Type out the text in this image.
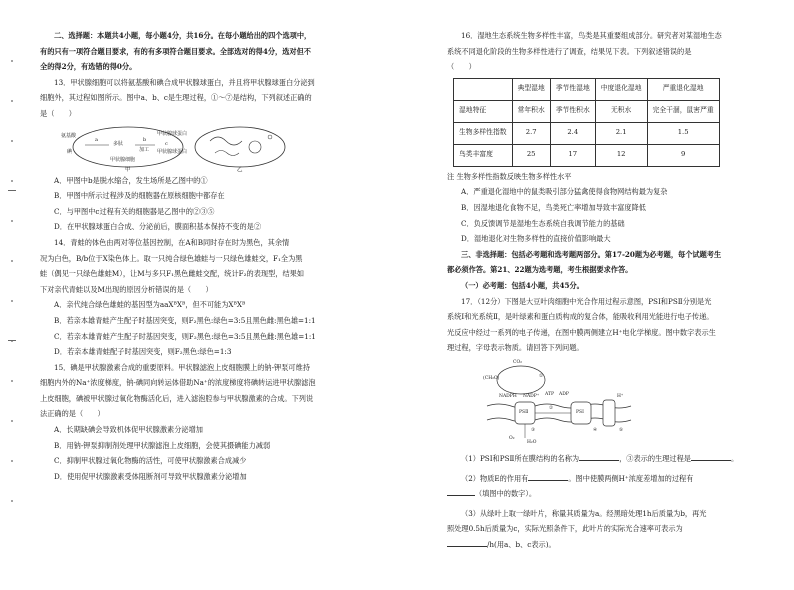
二、选择题：本题共4小题，每小题4分，共16分。在每小题给出的四个选项中，

有的只有一项符合题目要求，有的有多项符合题目要求。全部选对的得4分，选对但不

全的得2分，有选错的得0分。

13．甲状腺细胞可以将氨基酸和碘合成甲状腺球蛋白，并且将甲状腺球蛋白分泌到

细胞外，其过程如图所示。图中a、b、c是生理过程，①～⑦是结构，下列叙述正确的

是（　　）

氨基酸
碘
a
多肽
b
加工
甲状腺球蛋白
c
甲状腺球蛋白
甲状腺细胞
甲	乙

A．甲图中b是脱水缩合，发生场所是乙图中的①

B．甲图中所示过程涉及的细胞器在原核细胞中都存在

C．与甲图中c过程有关的细胞器是乙图中的②③⑤

D．在甲状腺球蛋白合成、分泌前后，膜面积基本保持不变的是②

14．青蛙的体色由两对等位基因控制，在A和B同时存在时为黑色，其余情

况为白色，B/b位于X染色体上。取一只纯合绿色雄蛙与一只绿色雄蛙交，F₁全为黑

蛙（偶见一只绿色雄蛙M），让M与多只F₁黑色雌蛙交配，统计F₂的表现型，结果如

下对亲代青蛙以及M出现的原因分析错误的是（　　）

A．亲代纯合绿色雄蛙的基因型为aaXᴮXᴮ，但不可能为XᴮXᴮ

B．若亲本雄青蛙产生配子时基因突变，则F₂黑色:绿色=3:5且黑色雌:黑色雄=1:1

C．若亲本雄青蛙产生配子时基因突变，则F₂黑色:绿色=3:5且黑色雌:黑色雄=1:1

D．若亲本雄青蛙配子时基因突变，则F₂黑色:绿色=1:3

15．碘是甲状腺激素合成的重要原料。甲状腺滤泡上皮细胞膜上的钠-钾泵可维持

细胞内外的Na⁺浓度梯度，钠-碘同向转运体借助Na⁺的浓度梯度将碘转运进甲状腺滤泡

上皮细胞，碘被甲状腺过氧化物酶活化后，进入滤泡腔参与甲状腺激素的合成。下列说

法正确的是（　　）

A．长期缺碘会导致机体促甲状腺激素分泌增加

B．用钠-钾泵抑制剂处理甲状腺滤泡上皮细胞，会使其摄碘能力减弱

C．抑制甲状腺过氧化物酶的活性，可使甲状腺激素合成减少

D．使用促甲状腺激素受体阻断剂可导致甲状腺激素分泌增加

16．湿地生态系统生物多样性丰富，鸟类是其重要组成部分。研究者对某湿地生态

系统不同退化阶段的生物多样性进行了调查，结果见下表。下列叙述错误的是

（　　）

	典型湿地	季节性湿地	中度退化湿地	严重退化湿地
湿地特征	常年积水	季节性积水	无积水	完全干涸，鼠害严重
生物多样性指数	2.7	2.4	2.1	1.5
鸟类丰富度	25	17	12	9

注 生物多样性指数反映生物多样性水平

A．严重退化湿地中的鼠类吸引部分猛禽使得食物网结构最为复杂

B．因湿地退化食物不足，鸟类死亡率增加导致丰富度降低

C．负反馈调节是湿地生态系统自我调节能力的基础

D．湿地退化对生物多样性的直接价值影响最大

三、非选择题：包括必考题和选考题两部分。第17-20题为必考题，每个试题考生

都必须作答。第21、22题为选考题，考生根据要求作答。

（一）必考题：包括4小题，共45分。

17．（12分）下图是大豆叶肉细胞中光合作用过程示意图，PSⅠ和PSⅡ分别是光

系统Ⅰ和光系统Ⅱ，是叶绿素和蛋白质构成的复合体，能吸收利用光能进行电子传递。

光反应中经过一系列的电子传递，在图中膜两侧建立H⁺电化学梯度。图中数字表示生

理过程，字母表示物质。请回答下列问题。

CO₂
(CH₂O)
NADPH NADP⁺ ATP ADP
PSⅡ	PSⅠ
H⁺
①
②
③	④	⑤
O₂
H₂O

（1）PSⅠ和PSⅡ所在膜结构的名称为	，③表示的生理过程是	。

（2）物质E的作用有	。图中使膜两侧H⁺浓度差增加的过程有

（填图中的数字）。

（3）从绿叶上取一绿叶片，称量其质量为a。经黑暗处理1h后质量为b，再光

照处理0.5h后质量为c，实际光照条件下，此叶片的实际光合速率可表示为

/h(用a、b、c表示)。
